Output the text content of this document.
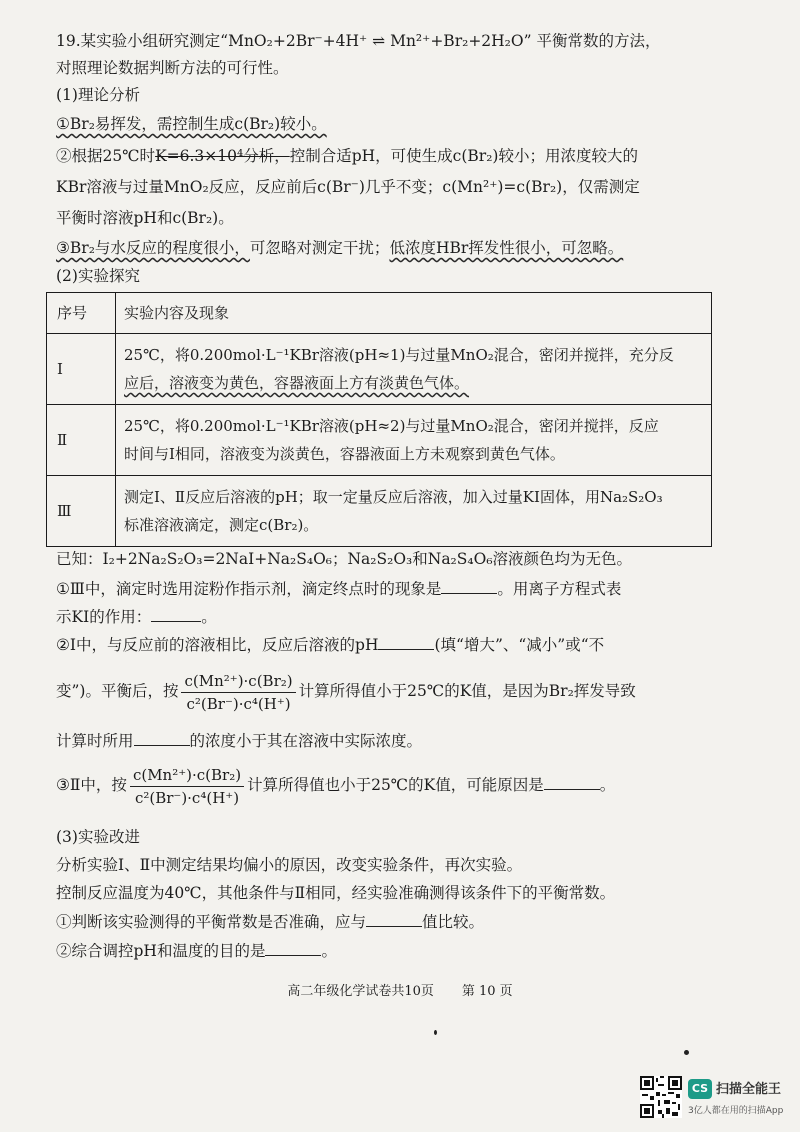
19.某实验小组研究测定“MnO₂+2Br⁻+4H⁺ ⇌ Mn²⁺+Br₂+2H₂O” 平衡常数的方法，
对照理论数据判断方法的可行性。
(1)理论分析
①Br₂易挥发，需控制生成c(Br₂)较小。
②根据25℃时K=6.3×10⁴分析，控制合适pH，可使生成c(Br₂)较小；用浓度较大的
KBr溶液与过量MnO₂反应，反应前后c(Br⁻)几乎不变；c(Mn²⁺)=c(Br₂)，仅需测定
平衡时溶液pH和c(Br₂)。
③Br₂与水反应的程度很小，可忽略对测定干扰；低浓度HBr挥发性很小，可忽略。
(2)实验探究
序号	实验内容及现象
Ⅰ	25℃，将0.200mol·L⁻¹KBr溶液(pH≈1)与过量MnO₂混合，密闭并搅拌，充分反
应后，溶液变为黄色，容器液面上方有淡黄色气体。

Ⅱ	25℃，将0.200mol·L⁻¹KBr溶液(pH≈2)与过量MnO₂混合，密闭并搅拌，反应
时间与Ⅰ相同，溶液变为淡黄色，容器液面上方未观察到黄色气体。

Ⅲ	测定Ⅰ、Ⅱ反应后溶液的pH；取一定量反应后溶液，加入过量KI固体，用Na₂S₂O₃
标准溶液滴定，测定c(Br₂)。
已知：I₂+2Na₂S₂O₃=2NaI+Na₂S₄O₆；Na₂S₂O₃和Na₂S₄O₆溶液颜色均为无色。
①Ⅲ中，滴定时选用淀粉作指示剂，滴定终点时的现象是	。用离子方程式表
示KI的作用：	。
②Ⅰ中，与反应前的溶液相比，反应后溶液的pH	(填“增大”、“减小”或“不
变”)。平衡后，按 $\frac{\text{c(Mn²⁺)·c(Br₂)}}{\text{c²(Br⁻)·c⁴(H⁺)}}$ 计算所得值小于25℃的K值，是因为Br₂挥发导致
计算时所用	的浓度小于其在溶液中实际浓度。
③Ⅱ中，按 $\frac{\text{c(Mn²⁺)·c(Br₂)}}{\text{c²(Br⁻)·c⁴(H⁺)}}$ 计算所得值也小于25℃的K值，可能原因是	。
(3)实验改进
分析实验Ⅰ、Ⅱ中测定结果均偏小的原因，改变实验条件，再次实验。
控制反应温度为40℃，其他条件与Ⅱ相同，经实验准确测得该条件下的平衡常数。
①判断该实验测得的平衡常数是否准确，应与	值比较。
②综合调控pH和温度的目的是	。
高二年级化学试卷共10页 第 10 页
CS 扫描全能王
3亿人都在用的扫描App
